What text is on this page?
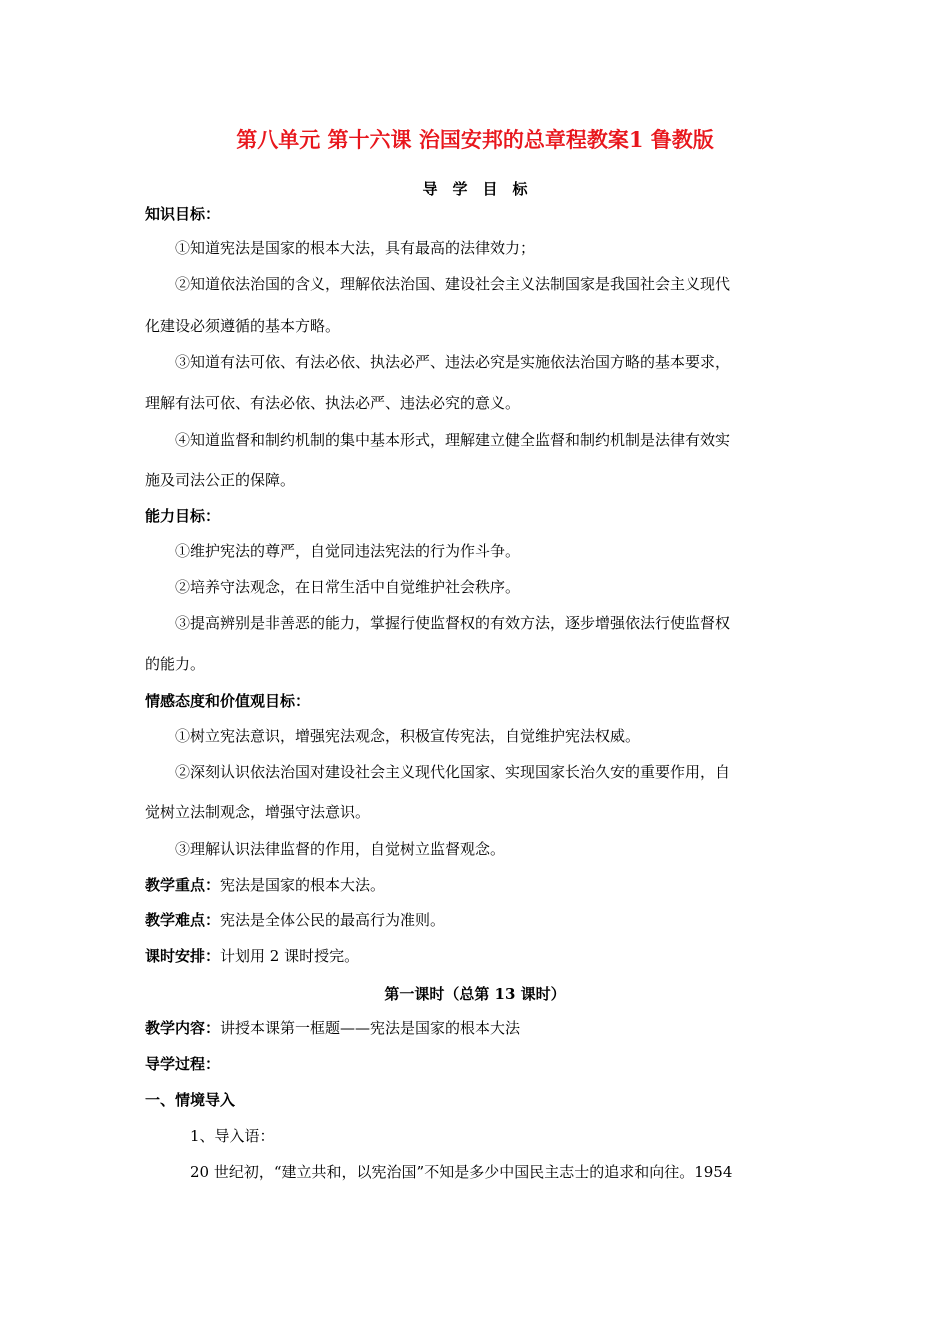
第八单元 第十六课 治国安邦的总章程教案1 鲁教版
导　学　目　标
知识目标：
①知道宪法是国家的根本大法，具有最高的法律效力；
②知道依法治国的含义，理解依法治国、建设社会主义法制国家是我国社会主义现代
化建设必须遵循的基本方略。
③知道有法可依、有法必依、执法必严、违法必究是实施依法治国方略的基本要求，
理解有法可依、有法必依、执法必严、违法必究的意义。
④知道监督和制约机制的集中基本形式，理解建立健全监督和制约机制是法律有效实
施及司法公正的保障。
能力目标：
①维护宪法的尊严，自觉同违法宪法的行为作斗争。
②培养守法观念，在日常生活中自觉维护社会秩序。
③提高辨别是非善恶的能力，掌握行使监督权的有效方法，逐步增强依法行使监督权
的能力。
情感态度和价值观目标：
①树立宪法意识，增强宪法观念，积极宣传宪法，自觉维护宪法权威。
②深刻认识依法治国对建设社会主义现代化国家、实现国家长治久安的重要作用，自
觉树立法制观念，增强守法意识。
③理解认识法律监督的作用，自觉树立监督观念。
教学重点：宪法是国家的根本大法。
教学难点：宪法是全体公民的最高行为准则。
课时安排：计划用 2 课时授完。
第一课时（总第 13 课时）
教学内容：讲授本课第一框题——宪法是国家的根本大法
导学过程：
一、情境导入
1、导入语：
20 世纪初，“建立共和，以宪治国”不知是多少中国民主志士的追求和向往。1954
